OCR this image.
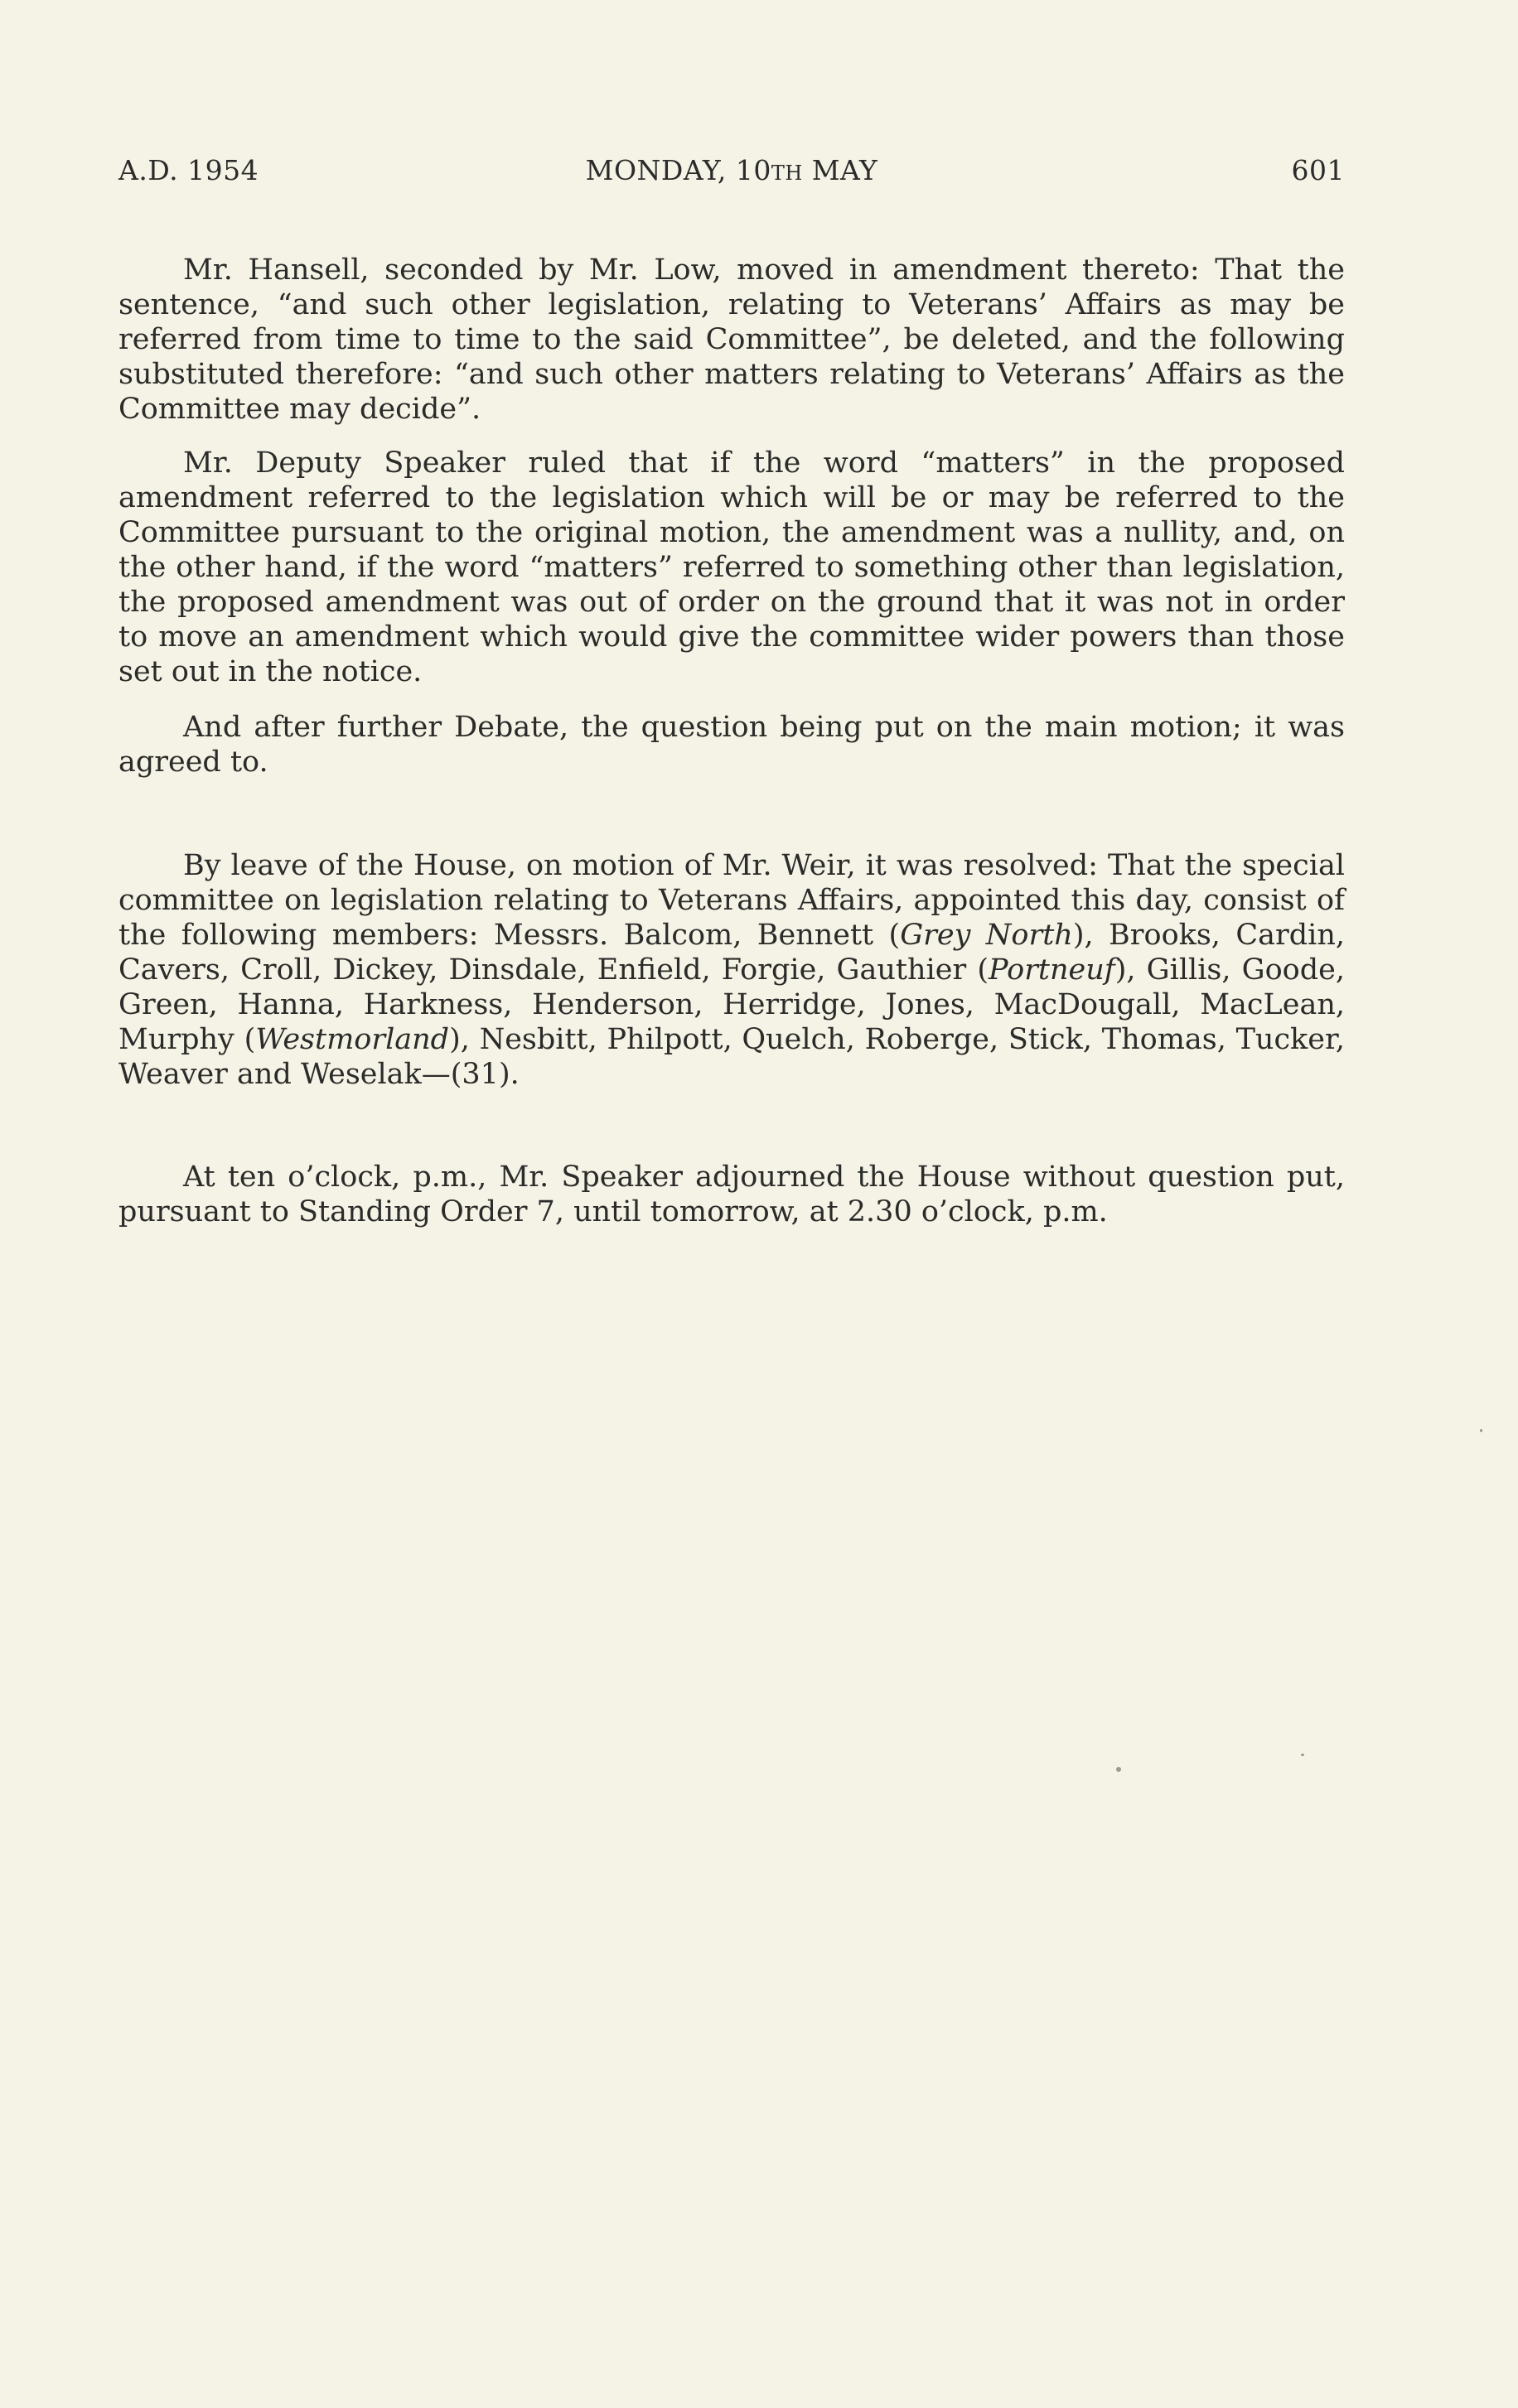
A.D. 1954	MONDAY, 10TH MAY	601

Mr. Hansell, seconded by Mr. Low, moved in amendment thereto: That the sentence, “and such other legislation, relating to Veterans’ Affairs as may be referred from time to time to the said Committee”, be deleted, and the following substituted therefore: “and such other matters relating to Veterans’ Affairs as the Committee may decide”.

Mr. Deputy Speaker ruled that if the word “matters” in the proposed amendment referred to the legislation which will be or may be referred to the Committee pursuant to the original motion, the amendment was a nullity, and, on the other hand, if the word “matters” referred to something other than legislation, the proposed amendment was out of order on the ground that it was not in order to move an amendment which would give the committee wider powers than those set out in the notice.

And after further Debate, the question being put on the main motion; it was agreed to.

By leave of the House, on motion of Mr. Weir, it was resolved: That the special committee on legislation relating to Veterans Affairs, appointed this day, consist of the following members: Messrs. Balcom, Bennett (Grey North), Brooks, Cardin, Cavers, Croll, Dickey, Dinsdale, Enfield, Forgie, Gauthier (Portneuf), Gillis, Goode, Green, Hanna, Harkness, Henderson, Herridge, Jones, MacDougall, MacLean, Murphy (Westmorland), Nesbitt, Philpott, Quelch, Roberge, Stick, Thomas, Tucker, Weaver and Weselak—(31).

At ten o’clock, p.m., Mr. Speaker adjourned the House without question put, pursuant to Standing Order 7, until tomorrow, at 2.30 o’clock, p.m.
